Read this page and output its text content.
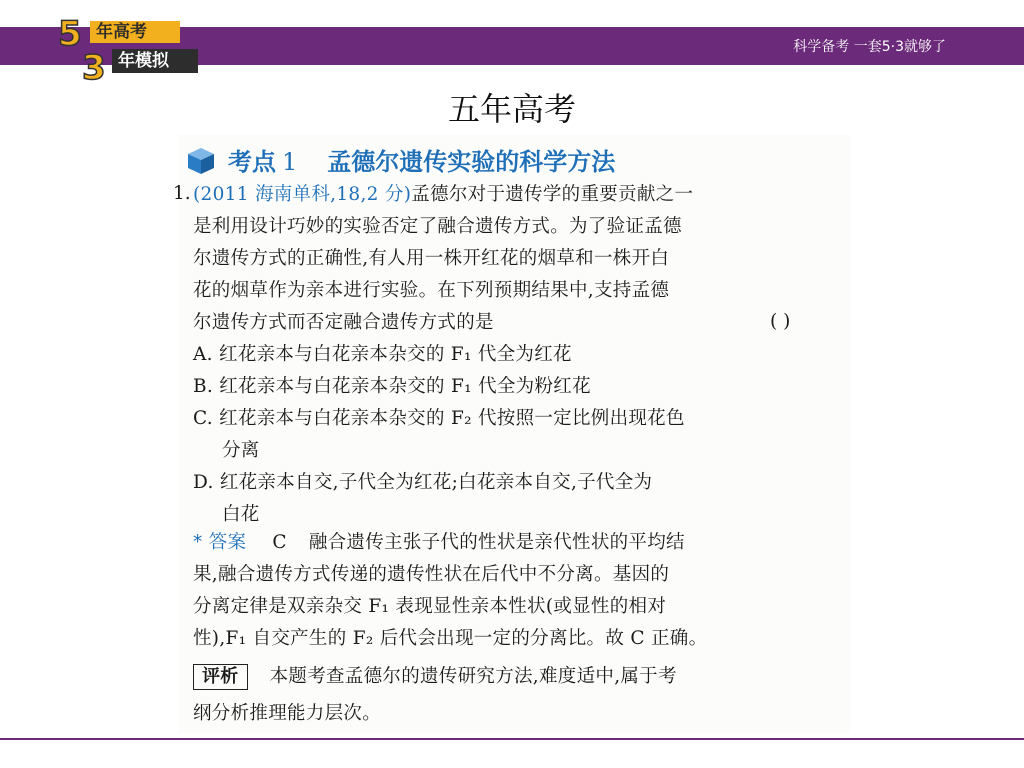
科学备考 一套5·3就够了
年高考
年模拟
5
3
五年高考
考点 1 孟德尔遗传实验的科学方法
1. (2011 海南单科,18,2 分)孟德尔对于遗传学的重要贡献之一
是利用设计巧妙的实验否定了融合遗传方式。为了验证孟德
尔遗传方式的正确性,有人用一株开红花的烟草和一株开白
花的烟草作为亲本进行实验。在下列预期结果中,支持孟德
尔遗传方式而否定融合遗传方式的是	( )
A. 红花亲本与白花亲本杂交的 F₁ 代全为红花
B. 红花亲本与白花亲本杂交的 F₁ 代全为粉红花
C. 红花亲本与白花亲本杂交的 F₂ 代按照一定比例出现花色
分离
D. 红花亲本自交,子代全为红花;白花亲本自交,子代全为
白花
* 答案 C 融合遗传主张子代的性状是亲代性状的平均结
果,融合遗传方式传递的遗传性状在后代中不分离。基因的
分离定律是双亲杂交 F₁ 表现显性亲本性状(或显性的相对
性),F₁ 自交产生的 F₂ 后代会出现一定的分离比。故 C 正确。
评析 本题考查孟德尔的遗传研究方法,难度适中,属于考
纲分析推理能力层次。
